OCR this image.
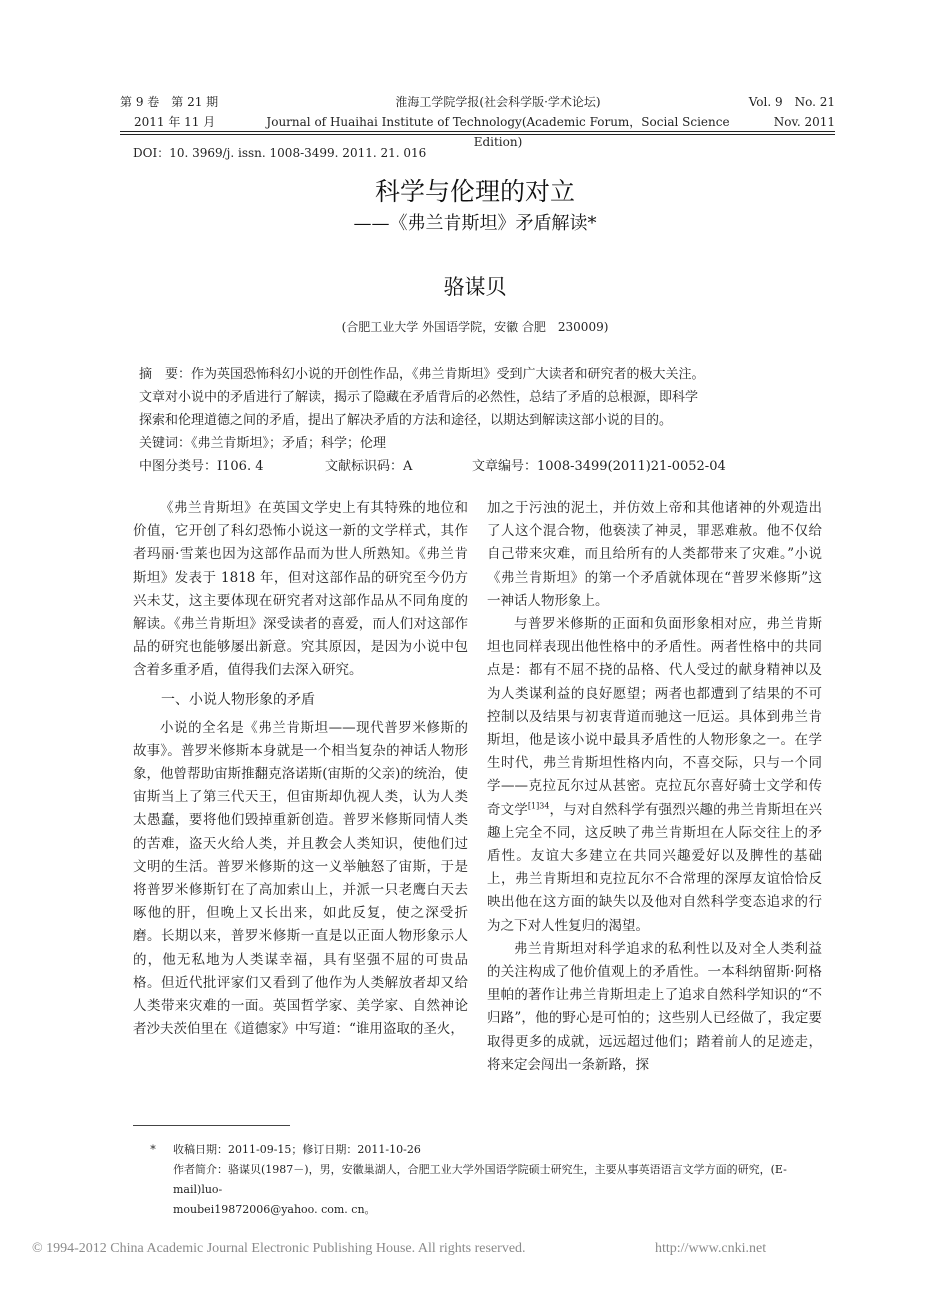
第 9 卷　第 21 期
2011 年 11 月
淮海工学院学报(社会科学版·学术论坛)
Journal of Huaihai Institute of Technology(Academic Forum，Social Science Edition)
Vol. 9　No. 21
Nov. 2011
DOI：10. 3969/j. issn. 1008-3499. 2011. 21. 016
科学与伦理的对立
——《弗兰肯斯坦》矛盾解读*
骆谋贝
(合肥工业大学 外国语学院，安徽 合肥　230009)

摘　要：作为英国恐怖科幻小说的开创性作品，《弗兰肯斯坦》受到广大读者和研究者的极大关注。

文章对小说中的矛盾进行了解读，揭示了隐藏在矛盾背后的必然性，总结了矛盾的总根源，即科学

探索和伦理道德之间的矛盾，提出了解决矛盾的方法和途径，以期达到解读这部小说的目的。

关键词：《弗兰肯斯坦》；矛盾；科学；伦理
中图分类号：I106. 4	文献标识码：A	文章编号：1008-3499(2011)21-0052-04

《弗兰肯斯坦》在英国文学史上有其特殊的地位和价值，它开创了科幻恐怖小说这一新的文学样式，其作者玛丽·雪莱也因为这部作品而为世人所熟知。《弗兰肯斯坦》发表于 1818 年，但对这部作品的研究至今仍方兴未艾，这主要体现在研究者对这部作品从不同角度的解读。《弗兰肯斯坦》深受读者的喜爱，而人们对这部作品的研究也能够屡出新意。究其原因，是因为小说中包含着多重矛盾，值得我们去深入研究。

一、小说人物形象的矛盾

小说的全名是《弗兰肯斯坦——现代普罗米修斯的故事》。普罗米修斯本身就是一个相当复杂的神话人物形象，他曾帮助宙斯推翻克洛诺斯(宙斯的父亲)的统治，使宙斯当上了第三代天王，但宙斯却仇视人类，认为人类太愚蠢，要将他们毁掉重新创造。普罗米修斯同情人类的苦难，盗天火给人类，并且教会人类知识，使他们过文明的生活。普罗米修斯的这一义举触怒了宙斯，于是将普罗米修斯钉在了高加索山上，并派一只老鹰白天去啄他的肝，但晚上又长出来，如此反复，使之深受折磨。长期以来，普罗米修斯一直是以正面人物形象示人的，他无私地为人类谋幸福，具有坚强不屈的可贵品格。但近代批评家们又看到了他作为人类解放者却又给人类带来灾难的一面。英国哲学家、美学家、自然神论者沙夫茨伯里在《道德家》中写道：“谁用盗取的圣火，

加之于污浊的泥土，并仿效上帝和其他诸神的外观造出了人这个混合物，他亵渎了神灵，罪恶难赦。他不仅给自己带来灾难，而且给所有的人类都带来了灾难。”小说《弗兰肯斯坦》的第一个矛盾就体现在“普罗米修斯”这一神话人物形象上。

与普罗米修斯的正面和负面形象相对应，弗兰肯斯坦也同样表现出他性格中的矛盾性。两者性格中的共同点是：都有不屈不挠的品格、代人受过的献身精神以及为人类谋利益的良好愿望；两者也都遭到了结果的不可控制以及结果与初衷背道而驰这一厄运。具体到弗兰肯斯坦，他是该小说中最具矛盾性的人物形象之一。在学生时代，弗兰肯斯坦性格内向，不喜交际，只与一个同学——克拉瓦尔过从甚密。克拉瓦尔喜好骑士文学和传奇文学$^{[1]34}$，与对自然科学有强烈兴趣的弗兰肯斯坦在兴趣上完全不同，这反映了弗兰肯斯坦在人际交往上的矛盾性。友谊大多建立在共同兴趣爱好以及脾性的基础上，弗兰肯斯坦和克拉瓦尔不合常理的深厚友谊恰恰反映出他在这方面的缺失以及他对自然科学变态追求的行为之下对人性复归的渴望。

弗兰肯斯坦对科学追求的私利性以及对全人类利益的关注构成了他价值观上的矛盾性。一本科纳留斯·阿格里帕的著作让弗兰肯斯坦走上了追求自然科学知识的“不归路”，他的野心是可怕的；这些别人已经做了，我定要取得更多的成就，远远超过他们；踏着前人的足迹走，将来定会闯出一条新路，探

*	收稿日期：2011-09-15；修订日期：2011-10-26
作者简介：骆谋贝(1987－)，男，安徽巢湖人，合肥工业大学外国语学院硕士研究生，主要从事英语语言文学方面的研究，(E-mail)luo-
moubei19872006@yahoo. com. cn。
© 1994-2012 China Academic Journal Electronic Publishing House. All rights reserved.	http://www.cnki.net
